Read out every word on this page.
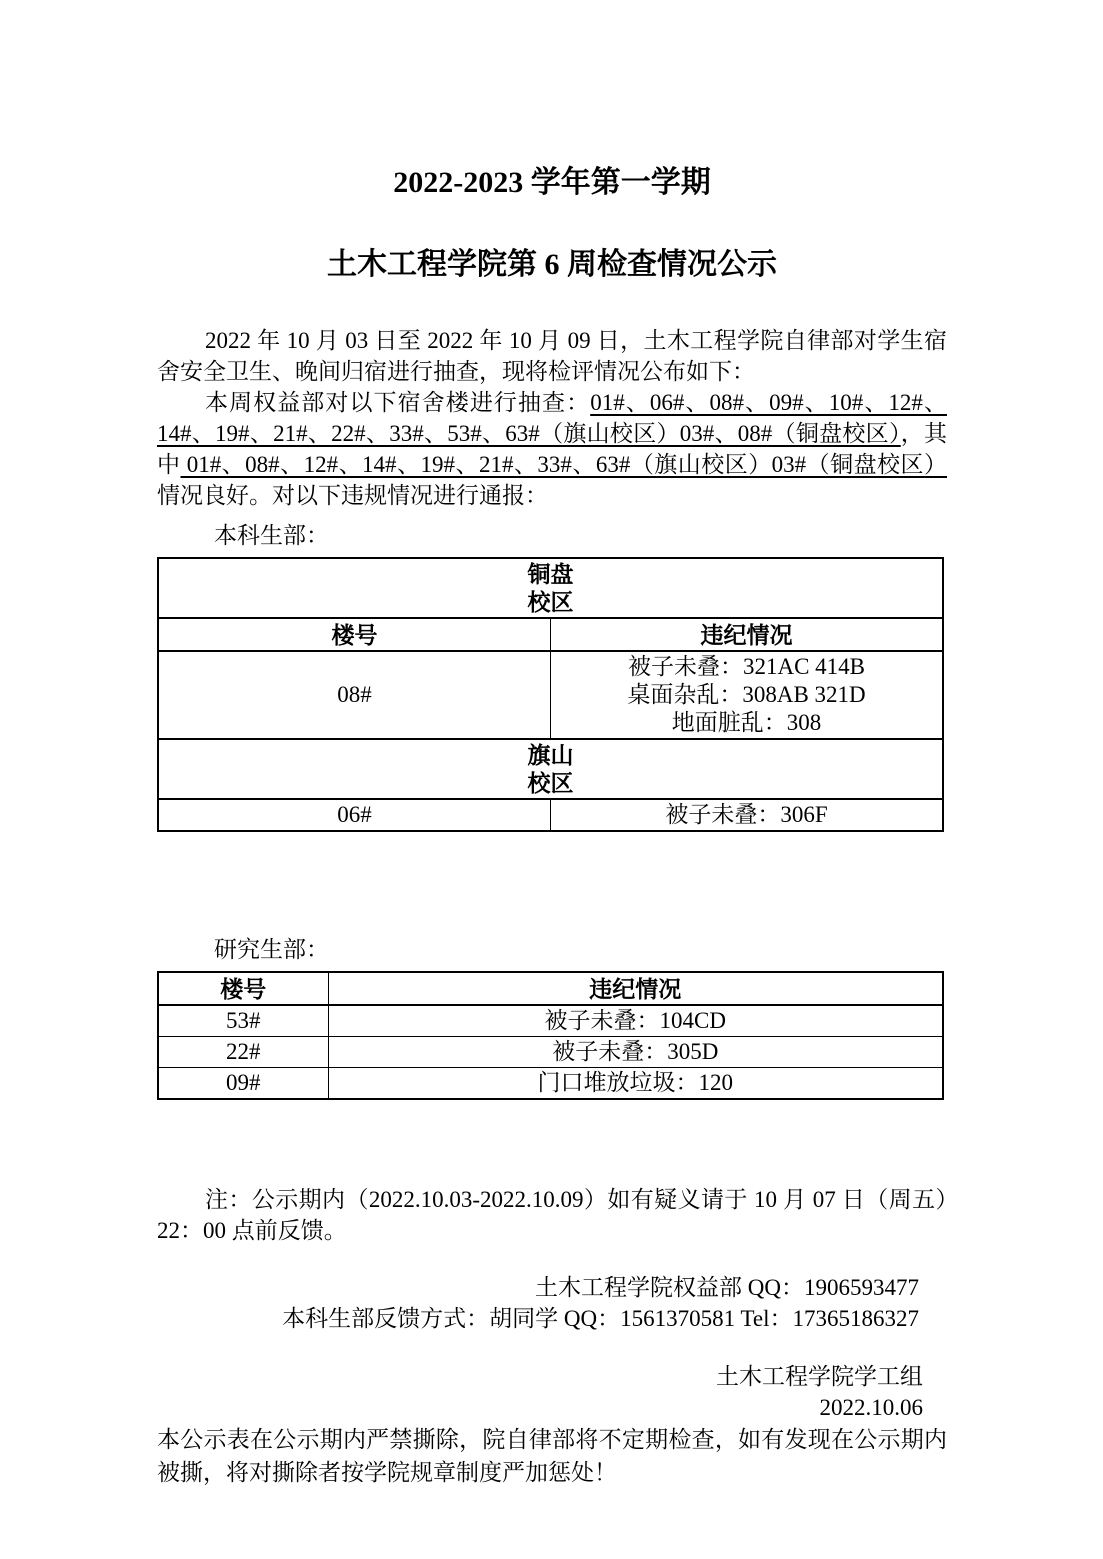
2022-2023 学年第一学期
土木工程学院第 6 周检查情况公示

2022 年 10 月 03 日至 2022 年 10 月 09 日，土木工程学院自律部对学生宿舍安全卫生、晚间归宿进行抽查，现将检评情况公布如下：

本周权益部对以下宿舍楼进行抽查：01#、06#、08#、09#、10#、12#、14#、19#、21#、22#、33#、53#、63#（旗山校区）03#、08#（铜盘校区），其中 01#、08#、12#、14#、19#、21#、33#、63#（旗山校区）03#（铜盘校区）情况良好。对以下违规情况进行通报：

本科生部：
铜盘
校区	

楼号	违纪情况
08#	被子未叠：321AC 414B
桌面杂乱：308AB 321D
地面脏乱：308

旗山
校区	

06#	被子未叠：306F
研究生部：
楼号	违纪情况
53#	被子未叠：104CD
22#	被子未叠：305D
09#	门口堆放垃圾：120

注：公示期内（2022.10.03-2022.10.09）如有疑义请于 10 月 07 日（周五）22：00 点前反馈。

土木工程学院权益部 QQ：1906593477
本科生部反馈方式：胡同学 QQ：1561370581 Tel：17365186327
土木工程学院学工组
2022.10.06

本公示表在公示期内严禁撕除，院自律部将不定期检查，如有发现在公示期内被撕，将对撕除者按学院规章制度严加惩处！
